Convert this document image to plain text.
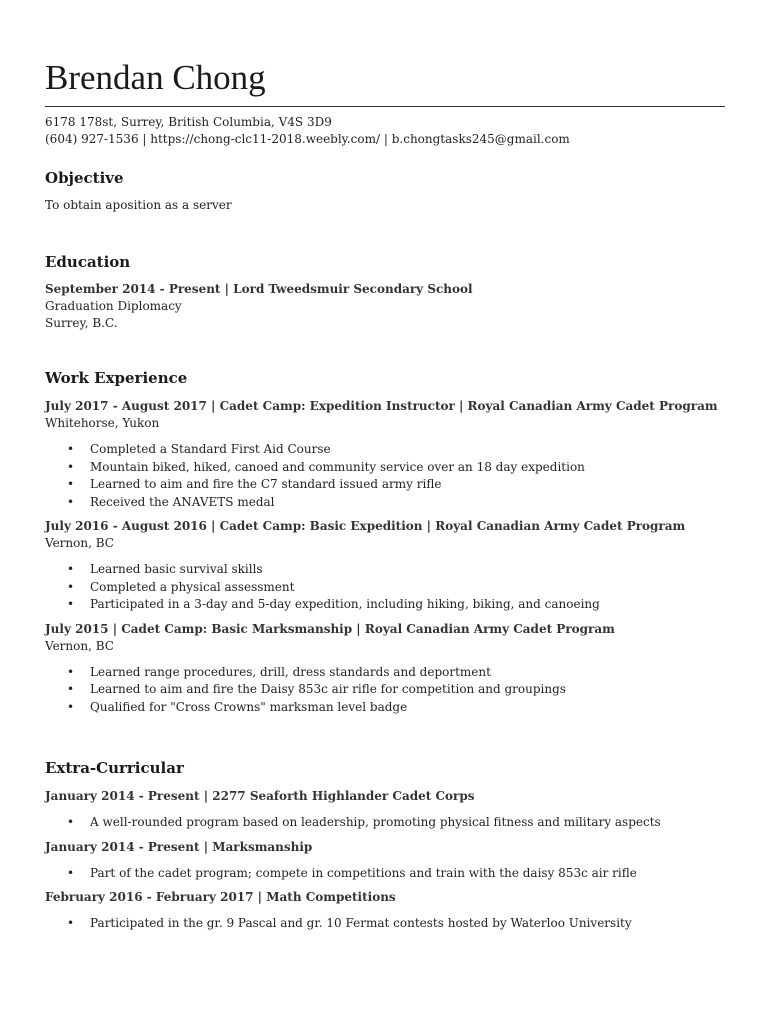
Brendan Chong
6178 178st, Surrey, British Columbia, V4S 3D9
(604) 927-1536 | https://chong-clc11-2018.weebly.com/ | b.chongtasks245@gmail.com
Objective
To obtain aposition as a server
Education
September 2014 - Present | Lord Tweedsmuir Secondary School
Graduation Diplomacy
Surrey, B.C.
Work Experience
July 2017 - August 2017 | Cadet Camp: Expedition Instructor | Royal Canadian Army Cadet Program
Whitehorse, Yukon
• Completed a Standard First Aid Course
• Mountain biked, hiked, canoed and community service over an 18 day expedition
• Learned to aim and fire the C7 standard issued army rifle
• Received the ANAVETS medal
July 2016 - August 2016 | Cadet Camp: Basic Expedition | Royal Canadian Army Cadet Program
Vernon, BC
• Learned basic survival skills
• Completed a physical assessment
• Participated in a 3-day and 5-day expedition, including hiking, biking, and canoeing
July 2015 | Cadet Camp: Basic Marksmanship | Royal Canadian Army Cadet Program
Vernon, BC
• Learned range procedures, drill, dress standards and deportment
• Learned to aim and fire the Daisy 853c air rifle for competition and groupings
• Qualified for "Cross Crowns" marksman level badge
Extra-Curricular
January 2014 - Present | 2277 Seaforth Highlander Cadet Corps
• A well-rounded program based on leadership, promoting physical fitness and military aspects
January 2014 - Present | Marksmanship
• Part of the cadet program; compete in competitions and train with the daisy 853c air rifle
February 2016 - February 2017 | Math Competitions
• Participated in the gr. 9 Pascal and gr. 10 Fermat contests hosted by Waterloo University
